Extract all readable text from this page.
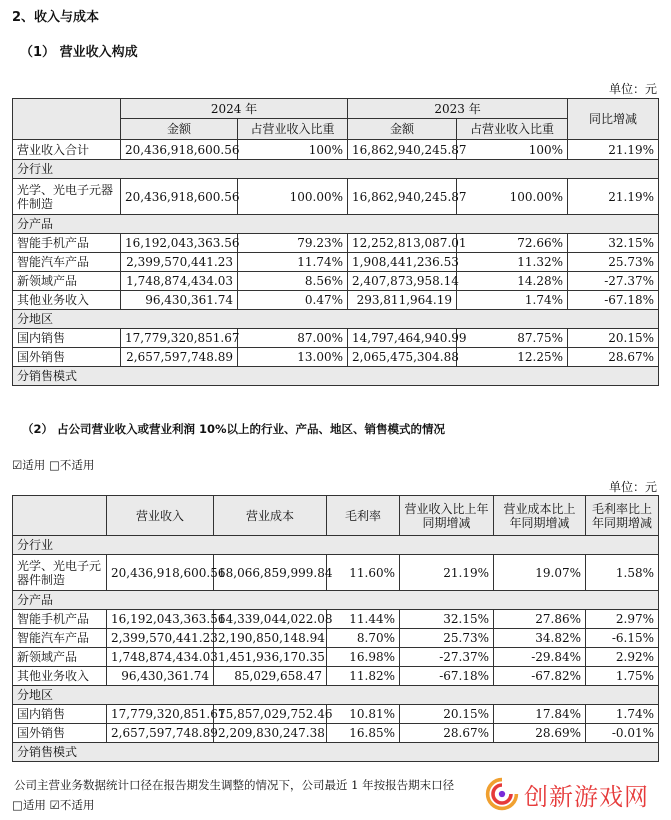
2、收入与成本
（1） 营业收入构成
单位：元
	2024 年		2023 年		同比增减
	金额	占营业收入比重	金额	占营业收入比重	
营业收入合计	20,436,918,600.56	100%	16,862,940,245.87	100%	21.19%
分行业					
光学、光电子元器件制造	20,436,918,600.56	100.00%	16,862,940,245.87	100.00%	21.19%
分产品					
智能手机产品	16,192,043,363.56	79.23%	12,252,813,087.01	72.66%	32.15%
智能汽车产品	2,399,570,441.23	11.74%	1,908,441,236.53	11.32%	25.73%
新领域产品	1,748,874,434.03	8.56%	2,407,873,958.14	14.28%	-27.37%
其他业务收入	96,430,361.74	0.47%	293,811,964.19	1.74%	-67.18%
分地区					
国内销售	17,779,320,851.67	87.00%	14,797,464,940.99	87.75%	20.15%
国外销售	2,657,597,748.89	13.00%	2,065,475,304.88	12.25%	28.67%
分销售模式					
（2） 占公司营业收入或营业利润 10%以上的行业、产品、地区、销售模式的情况
☑适用 □不适用
单位：元
	营业收入	营业成本	毛利率	营业收入比上年同期增减	营业成本比上年同期增减	毛利率比上年同期增减
分行业						
光学、光电子元器件制造	20,436,918,600.56	18,066,859,999.84	11.60%	21.19%	19.07%	1.58%
分产品						
智能手机产品	16,192,043,363.56	14,339,044,022.08	11.44%	32.15%	27.86%	2.97%
智能汽车产品	2,399,570,441.23	2,190,850,148.94	8.70%	25.73%	34.82%	-6.15%
新领域产品	1,748,874,434.03	1,451,936,170.35	16.98%	-27.37%	-29.84%	2.92%
其他业务收入	96,430,361.74	85,029,658.47	11.82%	-67.18%	-67.82%	1.75%
分地区						
国内销售	17,779,320,851.67	15,857,029,752.46	10.81%	20.15%	17.84%	1.74%
国外销售	2,657,597,748.89	2,209,830,247.38	16.85%	28.67%	28.69%	-0.01%
分销售模式						
公司主营业务数据统计口径在报告期发生调整的情况下，公司最近 1 年按报告期末口径
□适用 ☑不适用	创新游戏网
